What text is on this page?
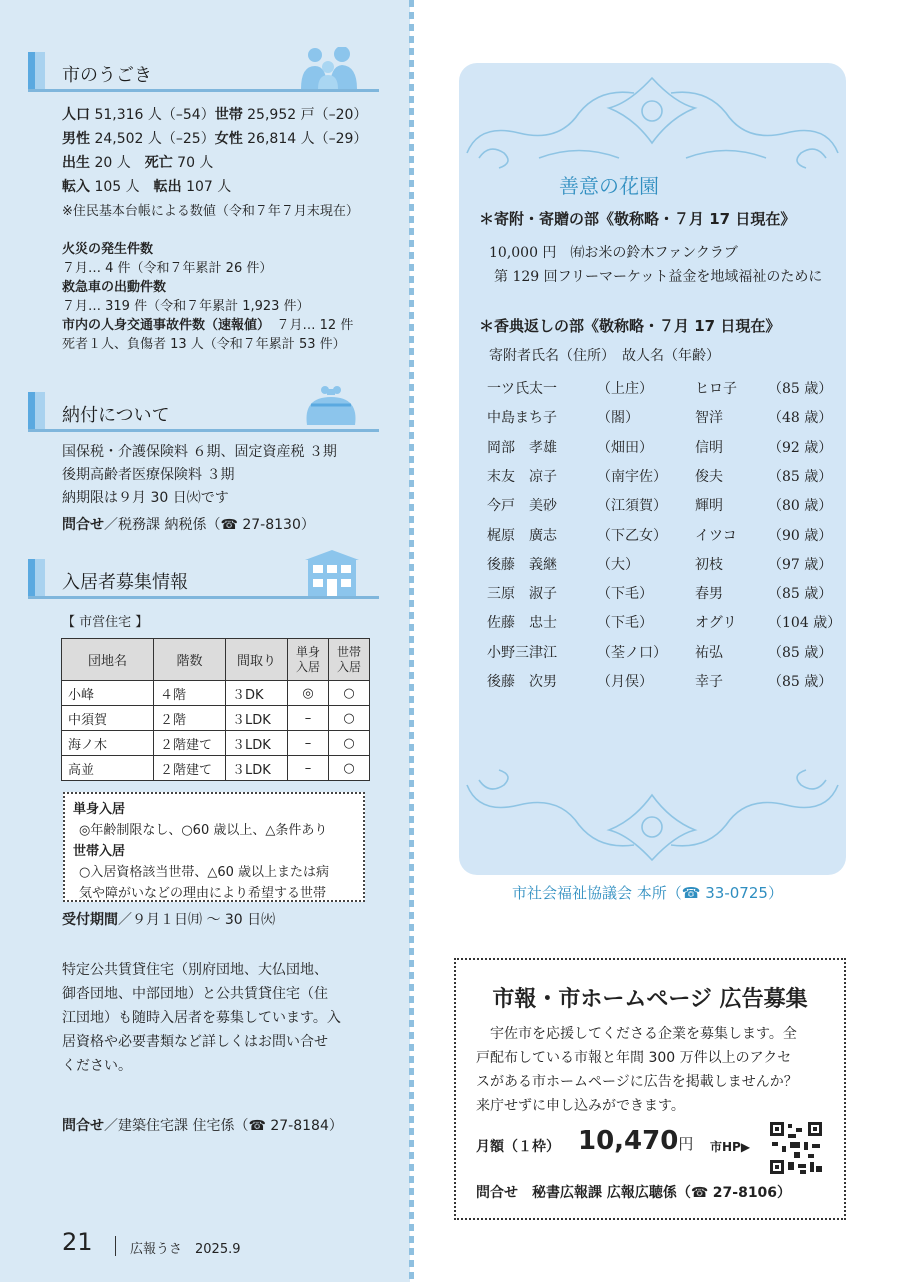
市のうごき
人口 51,316 人（–54）世帯 25,952 戸（–20）
男性 24,502 人（–25）女性 26,814 人（–29）
出生 20 人　死亡 70 人
転入 105 人　転出 107 人
※住民基本台帳による数値（令和７年７月末現在）
火災の発生件数
７月… 4 件（令和７年累計 26 件）
救急車の出動件数
７月… 319 件（令和７年累計 1,923 件）
市内の人身交通事故件数（速報値）　 ７月… 12 件
死者１人、負傷者 13 人（令和７年累計 53 件）
納付について
国保税・介護保険料 ６期、固定資産税 ３期
後期高齢者医療保険料 ３期
納期限は９月 30 日㈫です
問合せ／税務課 納税係（☎ 27-8130）
入居者募集情報
【 市営住宅 】
団地名	階数	間取り	単身入居	世帯入居
小峰	４階	３DK	◎	○
中須賀	２階	３LDK	–	○
海ノ木	２階建て	３LDK	–	○
高並	２階建て	３LDK	–	○
単身入居
◎年齢制限なし、○60 歳以上、△条件あり
世帯入居
○入居資格該当世帯、△60 歳以上または病
気や障がいなどの理由により希望する世帯
受付期間／９月１日㈪ ～ 30 日㈫
特定公共賃貸住宅（別府団地、大仏団地、
御沓団地、中部団地）と公共賃貸住宅（住
江団地）も随時入居者を募集しています。入
居資格や必要書類など詳しくはお問い合せ
ください。
問合せ／建築住宅課 住宅係（☎ 27-8184）
21	広報うさ　2025.9
善意の花園
＊寄附・寄贈の部《敬称略・７月 17 日現在》
10,000 円　㈲お米の鈴木ファンクラブ
第 129 回フリーマーケット益金を地域福祉のために
＊香典返しの部《敬称略・７月 17 日現在》
寄附者氏名（住所）　故人名（年齢）
一ツ氏太一	（上庄）	ヒロ子 （85 歳）
中島まち子	（閤）	智洋	（48 歳）
岡部　孝雄	（畑田）	信明	（92 歳）
末友　凉子	（南宇佐） 俊夫	（85 歳）
今戸　美砂	（江須賀） 輝明	（80 歳）
梶原　廣志	（下乙女） イツコ （90 歳）
後藤　義継	（大）	初枝	（97 歳）
三原　淑子	（下毛）	春男	（85 歳）
佐藤　忠士	（下毛）	オグリ （104 歳）
小野三津江	（荃ノ口） 祐弘	（85 歳）
後藤　次男	（月俣）	幸子	（85 歳）
市社会福祉協議会 本所（☎ 33-0725）
市報・市ホームページ 広告募集
　宇佐市を応援してくださる企業を募集します。全
戸配布している市報と年間 300 万件以上のアクセ
スがある市ホームページに広告を掲載しませんか？
来庁せずに申し込みができます。
月額（１枠） 10,470円 市HP▶
問合せ　 秘書広報課 広報広聴係（☎ 27-8106）
